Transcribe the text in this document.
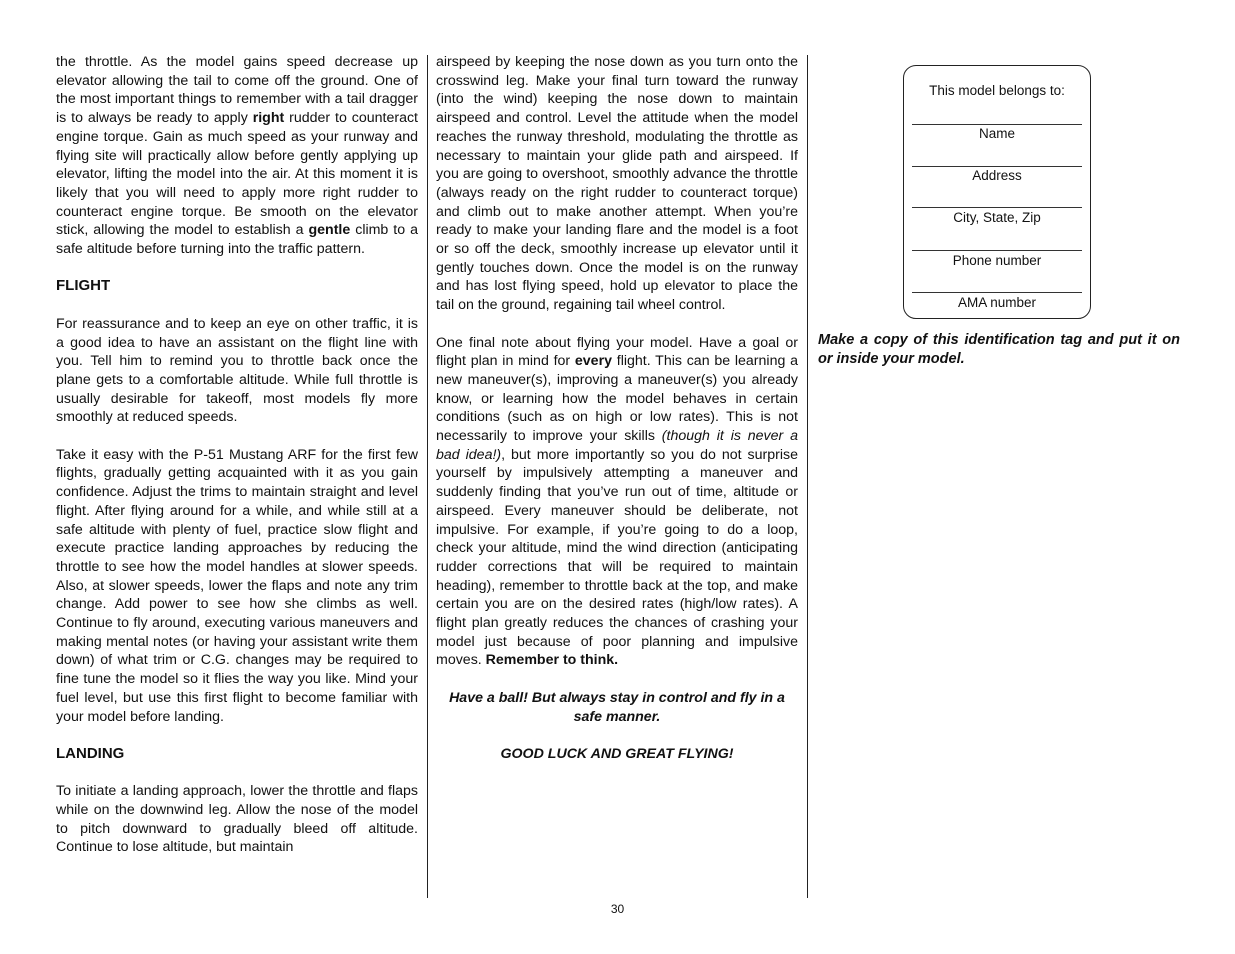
the throttle. As the model gains speed decrease up elevator allowing the tail to come off the ground. One of the most important things to remember with a tail dragger is to always be ready to apply right rudder to counteract engine torque. Gain as much speed as your runway and flying site will practically allow before gently applying up elevator, lifting the model into the air. At this moment it is likely that you will need to apply more right rudder to counteract engine torque. Be smooth on the elevator stick, allowing the model to establish a gentle climb to a safe altitude before turning into the traffic pattern.

FLIGHT

For reassurance and to keep an eye on other traffic, it is a good idea to have an assistant on the flight line with you. Tell him to remind you to throttle back once the plane gets to a comfortable altitude. While full throttle is usually desirable for takeoff, most models fly more smoothly at reduced speeds.

Take it easy with the P-51 Mustang ARF for the first few flights, gradually getting acquainted with it as you gain confidence. Adjust the trims to maintain straight and level flight. After flying around for a while, and while still at a safe altitude with plenty of fuel, practice slow flight and execute practice landing approaches by reducing the throttle to see how the model handles at slower speeds. Also, at slower speeds, lower the flaps and note any trim change. Add power to see how she climbs as well. Continue to fly around, executing various maneuvers and making mental notes (or having your assistant write them down) of what trim or C.G. changes may be required to fine tune the model so it flies the way you like. Mind your fuel level, but use this first flight to become familiar with your model before landing.

LANDING

To initiate a landing approach, lower the throttle and flaps while on the downwind leg. Allow the nose of the model to pitch downward to gradually bleed off altitude. Continue to lose altitude, but maintain

airspeed by keeping the nose down as you turn onto the crosswind leg. Make your final turn toward the runway (into the wind) keeping the nose down to maintain airspeed and control. Level the attitude when the model reaches the runway threshold, modulating the throttle as necessary to maintain your glide path and airspeed. If you are going to overshoot, smoothly advance the throttle (always ready on the right rudder to counteract torque) and climb out to make another attempt. When you’re ready to make your landing flare and the model is a foot or so off the deck, smoothly increase up elevator until it gently touches down. Once the model is on the runway and has lost flying speed, hold up elevator to place the tail on the ground, regaining tail wheel control.

One final note about flying your model. Have a goal or flight plan in mind for every flight. This can be learning a new maneuver(s), improving a maneuver(s) you already know, or learning how the model behaves in certain conditions (such as on high or low rates). This is not necessarily to improve your skills (though it is never a bad idea!), but more importantly so you do not surprise yourself by impulsively attempting a maneuver and suddenly finding that you’ve run out of time, altitude or airspeed. Every maneuver should be deliberate, not impulsive. For example, if you’re going to do a loop, check your altitude, mind the wind direction (anticipating rudder corrections that will be required to maintain heading), remember to throttle back at the top, and make certain you are on the desired rates (high/low rates). A flight plan greatly reduces the chances of crashing your model just because of poor planning and impulsive moves. Remember to think.

Have a ball! But always stay in control and fly in a safe manner.

GOOD LUCK AND GREAT FLYING!

This model belongs to:
Name
Address
City, State, Zip
Phone number
AMA number
Make a copy of this identification tag and put it on or inside your model.
30
